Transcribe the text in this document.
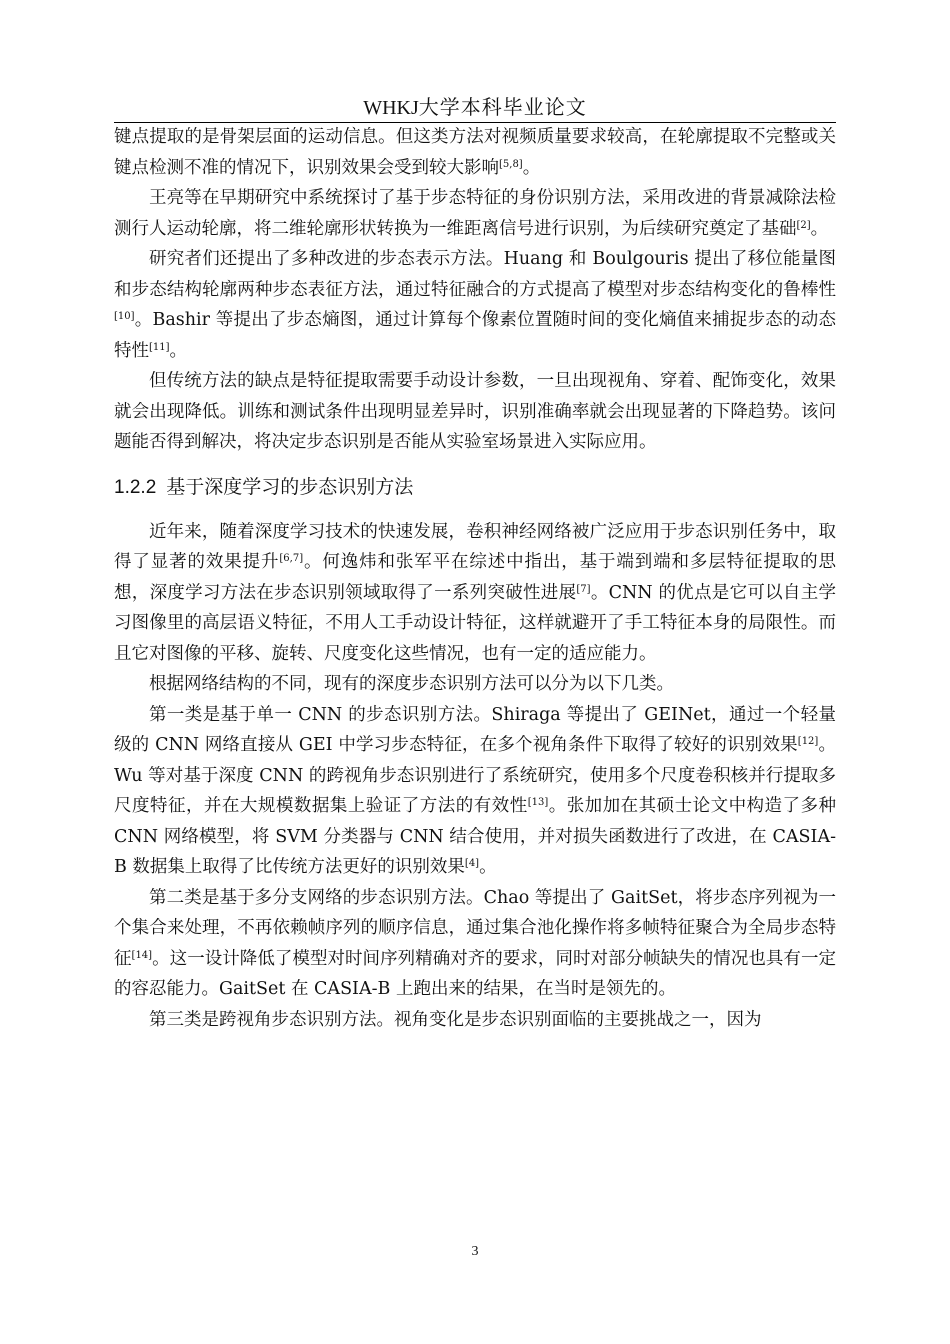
WHKJ大学本科毕业论文

键点提取的是骨架层面的运动信息。但这类方法对视频质量要求较高，在轮廓提取不完整或关键点检测不准的情况下，识别效果会受到较大影响[5,8]。

王亮等在早期研究中系统探讨了基于步态特征的身份识别方法，采用改进的背景减除法检测行人运动轮廓，将二维轮廓形状转换为一维距离信号进行识别，为后续研究奠定了基础[2]。

研究者们还提出了多种改进的步态表示方法。Huang 和 Boulgouris 提出了移位能量图和步态结构轮廓两种步态表征方法，通过特征融合的方式提高了模型对步态结构变化的鲁棒性[10]。Bashir 等提出了步态熵图，通过计算每个像素位置随时间的变化熵值来捕捉步态的动态特性[11]。

但传统方法的缺点是特征提取需要手动设计参数，一旦出现视角、穿着、配饰变化，效果就会出现降低。训练和测试条件出现明显差异时，识别准确率就会出现显著的下降趋势。该问题能否得到解决，将决定步态识别是否能从实验室场景进入实际应用。

1.2.2 基于深度学习的步态识别方法

近年来，随着深度学习技术的快速发展，卷积神经网络被广泛应用于步态识别任务中，取得了显著的效果提升[6,7]。何逸炜和张军平在综述中指出，基于端到端和多层特征提取的思想，深度学习方法在步态识别领域取得了一系列突破性进展[7]。CNN 的优点是它可以自主学习图像里的高层语义特征，不用人工手动设计特征，这样就避开了手工特征本身的局限性。而且它对图像的平移、旋转、尺度变化这些情况，也有一定的适应能力。

根据网络结构的不同，现有的深度步态识别方法可以分为以下几类。

第一类是基于单一 CNN 的步态识别方法。Shiraga 等提出了 GEINet，通过一个轻量级的 CNN 网络直接从 GEI 中学习步态特征，在多个视角条件下取得了较好的识别效果[12]。Wu 等对基于深度 CNN 的跨视角步态识别进行了系统研究，使用多个尺度卷积核并行提取多尺度特征，并在大规模数据集上验证了方法的有效性[13]。张加加在其硕士论文中构造了多种 CNN 网络模型，将 SVM 分类器与 CNN 结合使用，并对损失函数进行了改进，在 CASIA-B 数据集上取得了比传统方法更好的识别效果[4]。

第二类是基于多分支网络的步态识别方法。Chao 等提出了 GaitSet，将步态序列视为一个集合来处理，不再依赖帧序列的顺序信息，通过集合池化操作将多帧特征聚合为全局步态特征[14]。这一设计降低了模型对时间序列精确对齐的要求，同时对部分帧缺失的情况也具有一定的容忍能力。GaitSet 在 CASIA-B 上跑出来的结果，在当时是领先的。

第三类是跨视角步态识别方法。视角变化是步态识别面临的主要挑战之一，因为

3
